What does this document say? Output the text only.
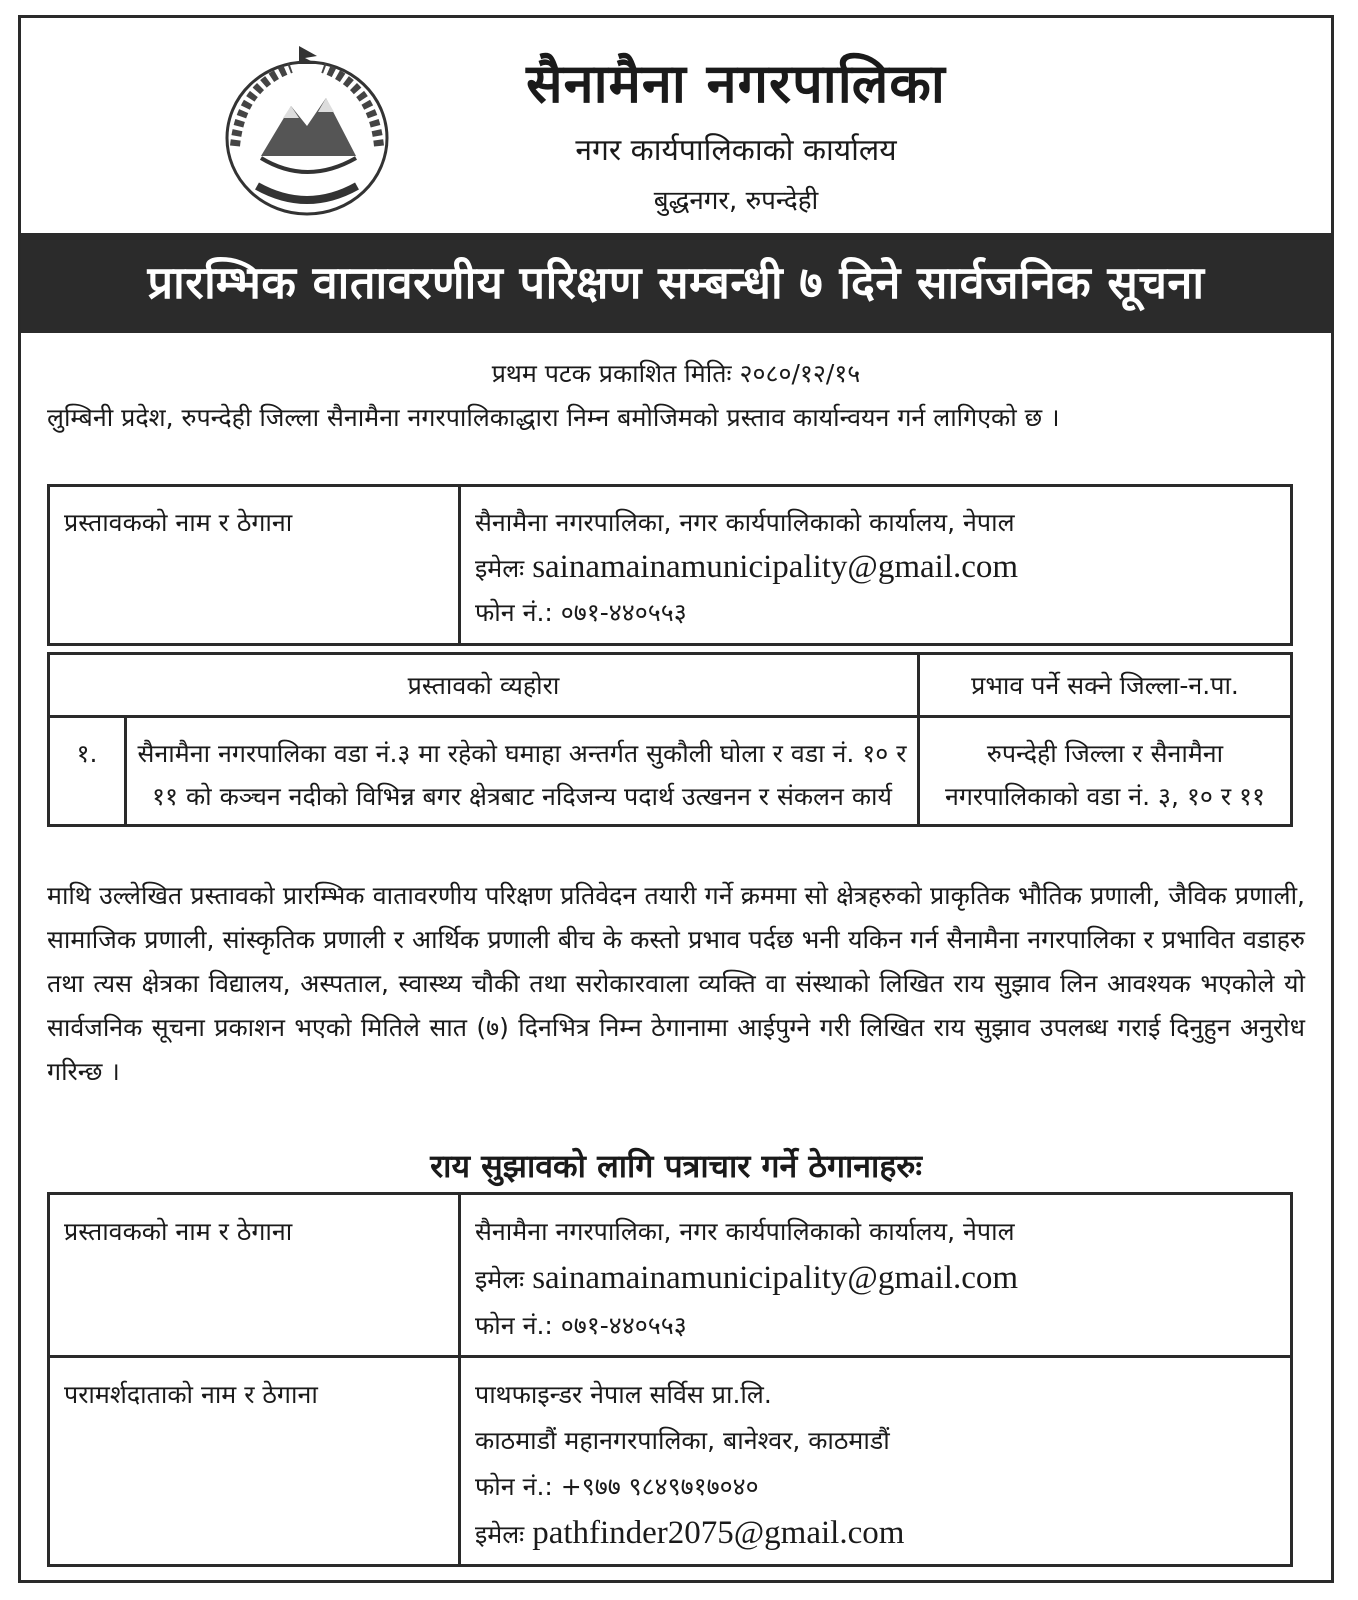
सैनामैना नगरपालिका
नगर कार्यपालिकाको कार्यालय
बुद्धनगर, रुपन्देही
प्रारम्भिक वातावरणीय परिक्षण सम्बन्धी ७ दिने सार्वजनिक सूचना
प्रथम पटक प्रकाशित मितिः २०८०/१२/१५
लुम्बिनी प्रदेश, रुपन्देही जिल्ला सैनामैना नगरपालिकाद्धारा निम्न बमोजिमको प्रस्ताव कार्यान्वयन गर्न लागिएको छ ।
प्रस्तावकको नाम र ठेगाना	सैनामैना नगरपालिका, नगर कार्यपालिकाको कार्यालय, नेपाल
इमेलः sainamainamunicipality@gmail.com
फोन नं.: ०७१-४४०५५३
प्रस्तावको व्यहोरा		प्रभाव पर्ने सक्ने जिल्ला-न.पा.
१.	सैनामैना नगरपालिका वडा नं.३ मा रहेको घमाहा अन्तर्गत सुकौली घोला र वडा नं. १० र ११ को कञ्चन नदीको विभिन्न बगर क्षेत्रबाट नदिजन्य पदार्थ उत्खनन र संकलन कार्य	रुपन्देही जिल्ला र सैनामैना नगरपालिकाको वडा नं. ३, १० र ११
माथि उल्लेखित प्रस्तावको प्रारम्भिक वातावरणीय परिक्षण प्रतिवेदन तयारी गर्ने क्रममा सो क्षेत्रहरुको प्राकृतिक भौतिक प्रणाली, जैविक प्रणाली, सामाजिक प्रणाली, सांस्कृतिक प्रणाली र आर्थिक प्रणाली बीच के कस्तो प्रभाव पर्दछ भनी यकिन गर्न सैनामैना नगरपालिका र प्रभावित वडाहरु तथा त्यस क्षेत्रका विद्यालय, अस्पताल, स्वास्थ्य चौकी तथा सरोकारवाला व्यक्ति वा संस्थाको लिखित राय सुझाव लिन आवश्यक भएकोले यो सार्वजनिक सूचना प्रकाशन भएको मितिले सात (७) दिनभित्र निम्न ठेगानामा आईपुग्ने गरी लिखित राय सुझाव उपलब्ध गराई दिनुहुन अनुरोध गरिन्छ ।
राय सुझावको लागि पत्राचार गर्ने ठेगानाहरुः
प्रस्तावकको नाम र ठेगाना	सैनामैना नगरपालिका, नगर कार्यपालिकाको कार्यालय, नेपाल
इमेलः sainamainamunicipality@gmail.com
फोन नं.: ०७१-४४०५५३

परामर्शदाताको नाम र ठेगाना	पाथफाइन्डर नेपाल सर्विस प्रा.लि.
काठमाडौं महानगरपालिका, बानेश्वर, काठमाडौं
फोन नं.: +९७७ ९८४९७१७०४०
इमेलः pathfinder2075@gmail.com
